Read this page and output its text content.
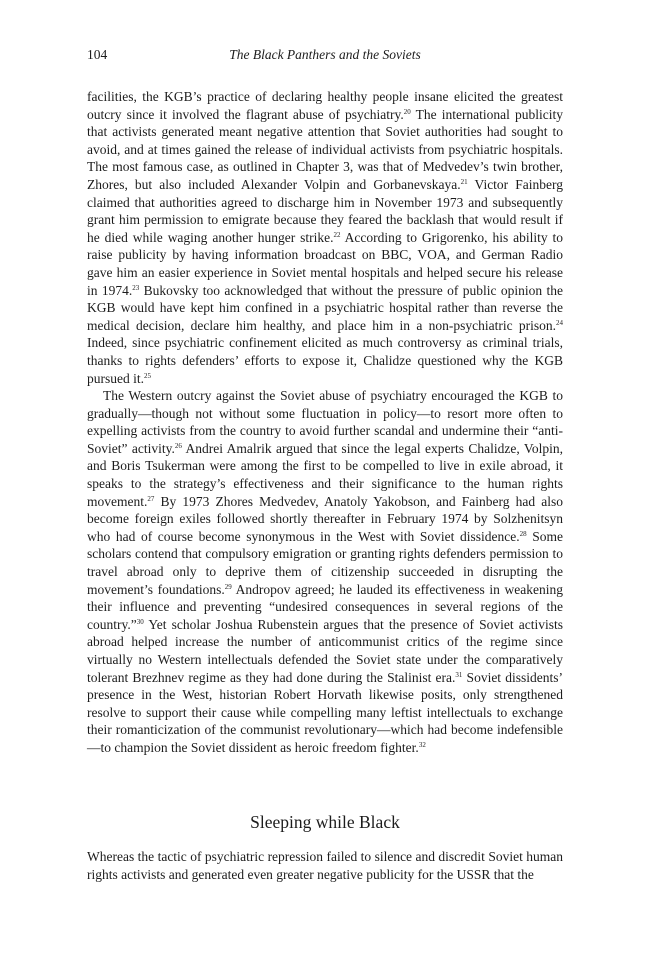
104	The Black Panthers and the Soviets

facilities, the KGB’s practice of declaring healthy people insane elicited the greatest outcry since it involved the flagrant abuse of psychiatry.$^{20}$ The international publicity that activists generated meant negative attention that Soviet authorities had sought to avoid, and at times gained the release of individual activists from psychiatric hospitals. The most famous case, as outlined in Chapter 3, was that of Medvedev’s twin brother, Zhores, but also included Alexander Volpin and Gorbanevskaya.$^{21}$ Victor Fainberg claimed that authorities agreed to discharge him in November 1973 and subsequently grant him permission to emigrate because they feared the backlash that would result if he died while waging another hunger strike.$^{22}$ According to Grigorenko, his ability to raise publicity by having information broadcast on BBC, VOA, and German Radio gave him an easier experience in Soviet mental hospitals and helped secure his release in 1974.23 Bukovsky too acknowledged that without the pressure of public opinion the KGB would have kept him confined in a psychiatric hospital rather than reverse the medical decision, declare him healthy, and place him in a non-psychiatric prison.$^{24}$ Indeed, since psychiatric confinement elicited as much controversy as criminal trials, thanks to rights defenders’ efforts to expose it, Chalidze questioned why the KGB pursued it.$^{25}$

The Western outcry against the Soviet abuse of psychiatry encouraged the KGB to gradually—though not without some fluctuation in policy—to resort more often to expelling activists from the country to avoid further scandal and undermine their “anti-Soviet” activity.$^{26}$ Andrei Amalrik argued that since the legal experts Chalidze, Volpin, and Boris Tsukerman were among the first to be compelled to live in exile abroad, it speaks to the strategy’s effectiveness and their significance to the human rights movement.$^{27}$ By 1973 Zhores Medvedev, Anatoly Yakobson, and Fainberg had also become foreign exiles followed shortly thereafter in February 1974 by Solzhenitsyn who had of course become synonymous in the West with Soviet dissidence.$^{28}$ Some scholars contend that compulsory emigration or granting rights defenders permission to travel abroad only to deprive them of citizenship succeeded in disrupting the movement’s foundations.$^{29}$ Andropov agreed; he lauded its effectiveness in weakening their influence and preventing “undesired consequences in several regions of the country.”$^{30}$ Yet scholar Joshua Rubenstein argues that the presence of Soviet activists abroad helped increase the number of anticommunist critics of the regime since virtually no Western intellectuals defended the Soviet state under the comparatively tolerant Brezhnev regime as they had done during the Stalinist era.$^{31}$ Soviet dissidents’ presence in the West, historian Robert Horvath likewise posits, only strengthened resolve to support their cause while compelling many leftist intellectuals to exchange their romanticization of the communist revolutionary—which had become indefensible—to champion the Soviet dissident as heroic freedom fighter.$^{32}$

Sleeping while Black

Whereas the tactic of psychiatric repression failed to silence and discredit Soviet human rights activists and generated even greater negative publicity for the USSR that the
